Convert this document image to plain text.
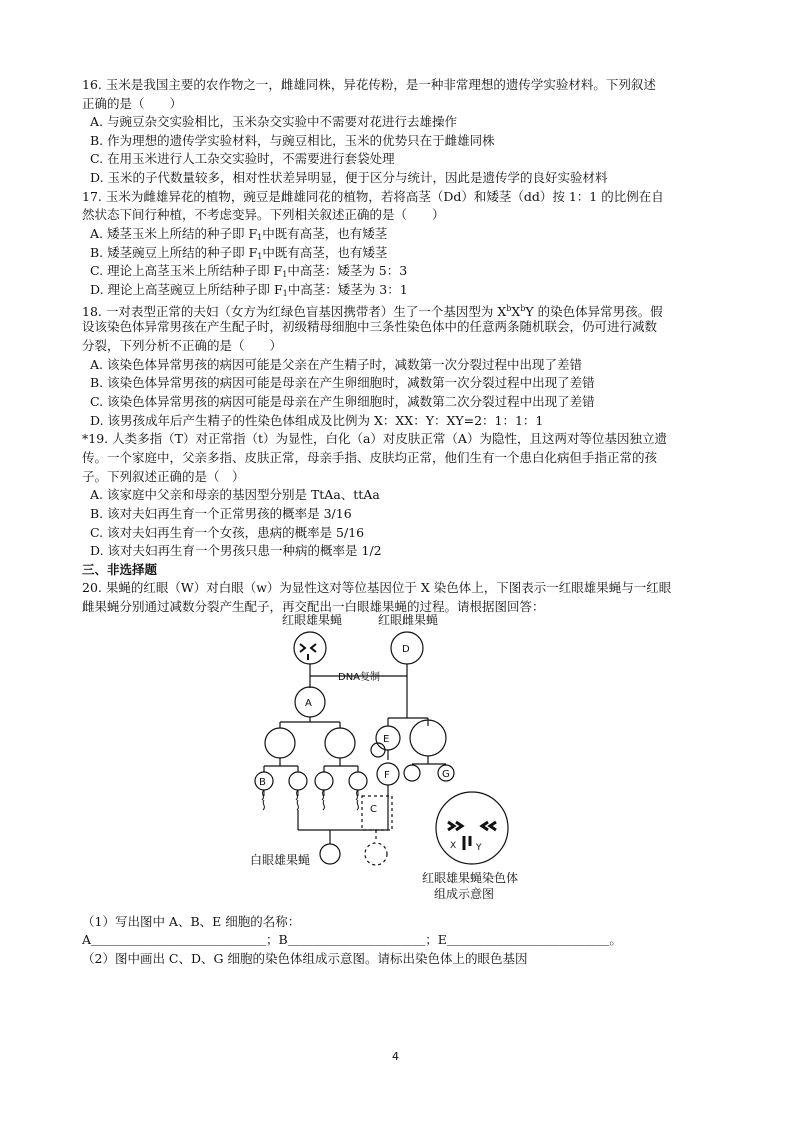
16. 玉米是我国主要的农作物之一，雌雄同株，异花传粉，是一种非常理想的遗传学实验材料。下列叙述
正确的是（　　）
A. 与豌豆杂交实验相比，玉米杂交实验中不需要对花进行去雄操作
B. 作为理想的遗传学实验材料，与豌豆相比，玉米的优势只在于雌雄同株
C. 在用玉米进行人工杂交实验时，不需要进行套袋处理
D. 玉米的子代数量较多，相对性状差异明显，便于区分与统计，因此是遗传学的良好实验材料
17. 玉米为雌雄异花的植物，豌豆是雌雄同花的植物，若将高茎（Dd）和矮茎（dd）按 1：1 的比例在自
然状态下间行种植，不考虑变异。下列相关叙述正确的是（　　）
A. 矮茎玉米上所结的种子即 $F_1$中既有高茎，也有矮茎
B. 矮茎豌豆上所结的种子即 $F_1$中既有高茎，也有矮茎
C. 理论上高茎玉米上所结种子即 $F_1$中高茎：矮茎为 5：3
D. 理论上高茎豌豆上所结种子即 $F_1$中高茎：矮茎为 3：1
18. 一对表型正常的夫妇（女方为红绿色盲基因携带者）生了一个基因型为 $X^bX^bY$ 的染色体异常男孩。假
设该染色体异常男孩在产生配子时，初级精母细胞中三条性染色体中的任意两条随机联会，仍可进行减数
分裂，下列分析不正确的是（　　）
A. 该染色体异常男孩的病因可能是父亲在产生精子时，减数第一次分裂过程中出现了差错
B. 该染色体异常男孩的病因可能是母亲在产生卵细胞时，减数第一次分裂过程中出现了差错
C. 该染色体异常男孩的病因可能是母亲在产生卵细胞时，减数第二次分裂过程中出现了差错
D. 该男孩成年后产生精子的性染色体组成及比例为 X：XX：Y：XY=2：1：1：1
*19. 人类多指（T）对正常指（t）为显性，白化（a）对皮肤正常（A）为隐性，且这两对等位基因独立遗
传。一个家庭中，父亲多指、皮肤正常，母亲手指、皮肤均正常，他们生有一个患白化病但手指正常的孩
子。下列叙述正确的是（　）
A. 该家庭中父亲和母亲的基因型分别是 TtAa、ttAa
B. 该对夫妇再生育一个正常男孩的概率是 3/16
C. 该对夫妇再生育一个女孩，患病的概率是 5/16
D. 该对夫妇再生育一个男孩只患一种病的概率是 1/2
三、非选择题
20. 果蝇的红眼（W）对白眼（w）为显性这对等位基因位于 X 染色体上，下图表示一红眼雄果蝇与一红眼
雌果蝇分别通过减数分裂产生配子，再交配出一白眼雄果蝇的过程。请根据图回答：
红眼雄果蝇	红眼雌果蝇
DNA复制
A
B
C
D
E
F	G
白眼雄果蝇
X Y
红眼雄果蝇染色体
组成示意图
（1）写出图中 A、B、E 细胞的名称：
A＿＿＿＿＿＿＿＿＿＿＿＿＿＿；B＿＿＿＿＿＿＿＿＿＿＿；E＿＿＿＿＿＿＿＿＿＿＿＿＿。
（2）图中画出 C、D、G 细胞的染色体组成示意图。请标出染色体上的眼色基因
4
